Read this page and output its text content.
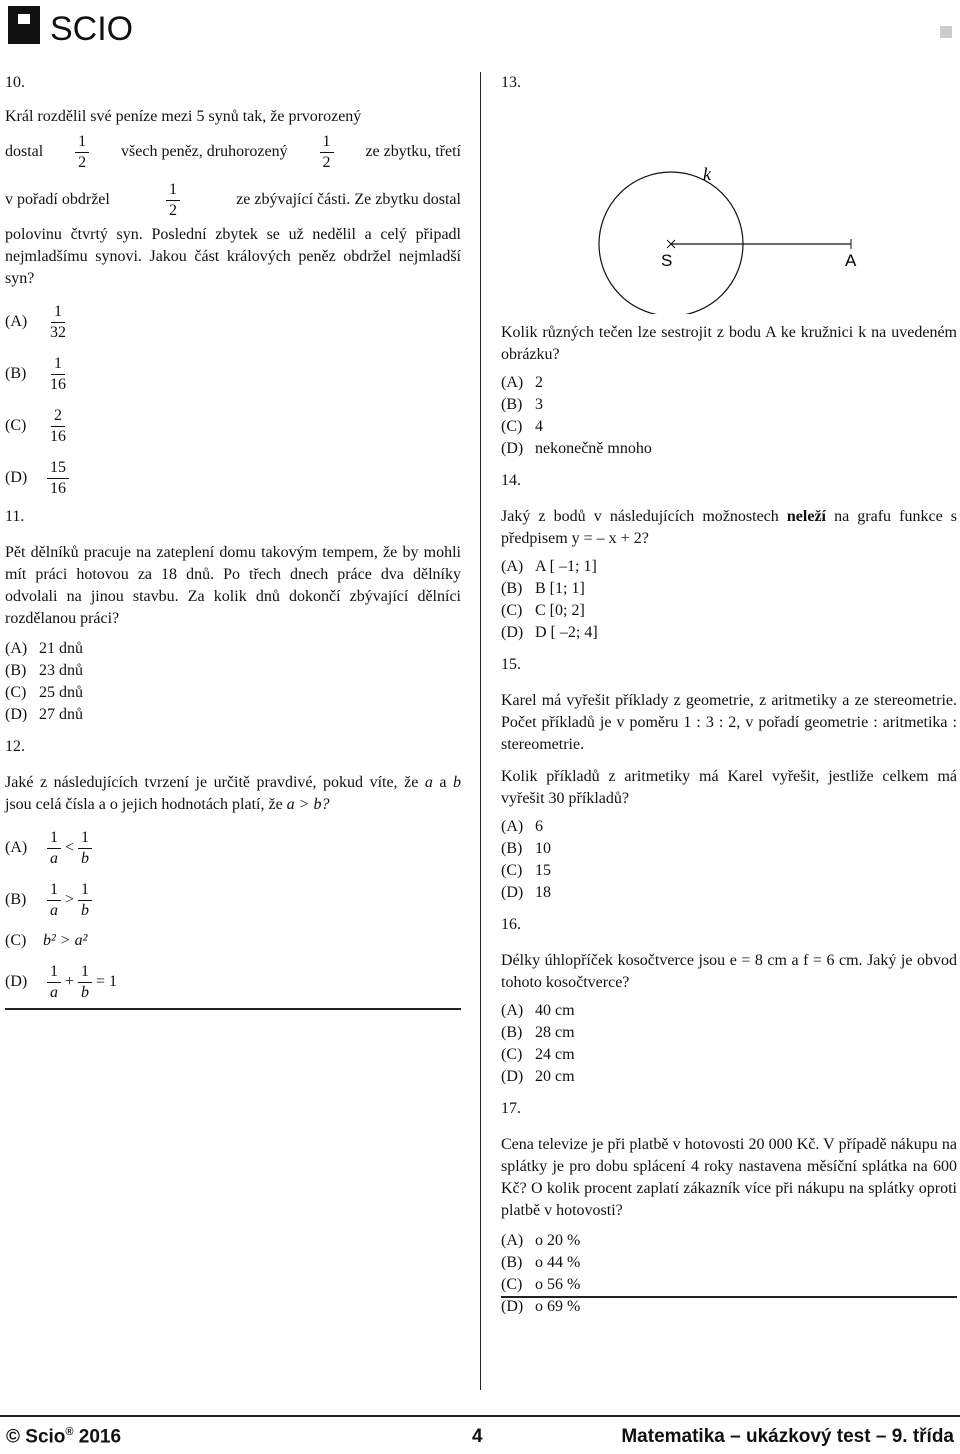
SCIO
10.

Král rozdělil své peníze mezi 5 synů tak, že prvorozený

dostal $\frac{1}{2}$ všech peněz, druhorozený $\frac{1}{2}$ ze zbytku, třetí
v pořadí obdržel	$\frac{1}{2}$	ze zbývající části. Ze zbytku dostal

polovinu čtvrtý syn. Poslední zbytek se už nedělil a celý připadl nejmladšímu synovi. Jakou část králových peněz obdržel nejmladší syn?

(A)	$\frac{1}{32}$
(B)	$\frac{1}{16}$
(C)	$\frac{2}{16}$
(D)	$\frac{15}{16}$
11.

Pět dělníků pracuje na zateplení domu takovým tempem, že by mohli mít práci hotovou za 18 dnů. Po třech dnech práce dva dělníky odvolali na jinou stavbu. Za kolik dnů dokončí zbývající dělníci rozdělanou práci?

(A) 21 dnů
(B) 23 dnů
(C) 25 dnů
(D) 27 dnů
12.

Jaké z následujících tvrzení je určitě pravdivé, pokud víte, že a a b jsou celá čísla a o jejich hodnotách platí, že a > b?

(A)	$\frac{1}{a} < \frac{1}{b}$
(B)	$\frac{1}{a} > \frac{1}{b}$
(C)	b² > a²
(D)	$\frac{1}{a} + \frac{1}{b} = 1$
13.
k
S	A

Kolik různých tečen lze sestrojit z bodu A ke kružnici k na uvedeném obrázku?

(A) 2
(B) 3
(C) 4
(D) nekonečně mnoho
14.

Jaký z bodů v následujících možnostech neleží na grafu funkce s předpisem y = – x + 2?

(A) A [ –1; 1]
(B) B [1; 1]
(C) C [0; 2]
(D) D [ –2; 4]
15.

Karel má vyřešit příklady z geometrie, z aritmetiky a ze stereometrie. Počet příkladů je v poměru 1 : 3 : 2, v pořadí geometrie : aritmetika : stereometrie.

Kolik příkladů z aritmetiky má Karel vyřešit, jestliže celkem má vyřešit 30 příkladů?

(A) 6
(B) 10
(C) 15
(D) 18
16.

Délky úhlopříček kosočtverce jsou e = 8 cm a f = 6 cm. Jaký je obvod tohoto kosočtverce?

(A) 40 cm
(B) 28 cm
(C) 24 cm
(D) 20 cm
17.

Cena televize je při platbě v hotovosti 20 000 Kč. V případě nákupu na splátky je pro dobu splácení 4 roky nastavena měsíční splátka na 600 Kč? O kolik procent zaplatí zákazník více při nákupu na splátky oproti platbě v hotovosti?

(A) o 20 %
(B) o 44 %
(C) o 56 %
(D) o 69 %
© Scio® 2016	4	Matematika – ukázkový test – 9. třída
